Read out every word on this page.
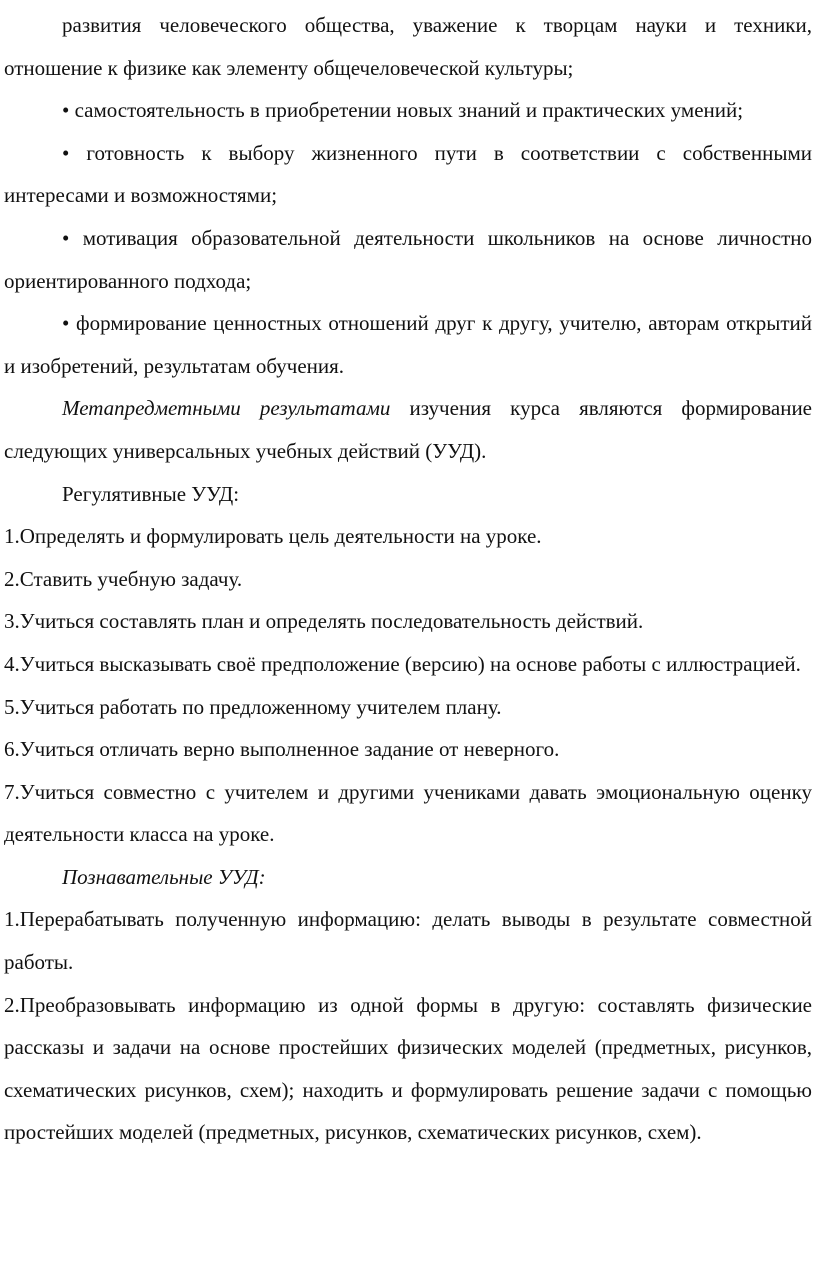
развития человеческого общества, уважение к творцам науки и техники, отношение к физике как элементу общечеловеческой культуры;

• самостоятельность в приобретении новых знаний и практических умений;

• готовность к выбору жизненного пути в соответствии с собственными интересами и возможностями;

• мотивация образовательной деятельности школьников на основе личностно ориентированного подхода;

• формирование ценностных отношений друг к другу, учителю, авторам открытий и изобретений, результатам обучения.

Метапредметными результатами изучения курса являются формирование следующих универсальных учебных действий (УУД).

Регулятивные УУД:

1.Определять и формулировать цель деятельности на уроке.

2.Ставить учебную задачу.

3.Учиться составлять план и определять последовательность действий.

4.Учиться высказывать своё предположение (версию) на основе работы с иллюстрацией.

5.Учиться работать по предложенному учителем плану.

6.Учиться отличать верно выполненное задание от неверного.

7.Учиться совместно с учителем и другими учениками давать эмоциональную оценку деятельности класса на уроке.

Познавательные УУД:

1.Перерабатывать полученную информацию: делать выводы в результате совместной работы.

2.Преобразовывать информацию из одной формы в другую: составлять физические рассказы и задачи на основе простейших физических моделей (предметных, рисунков, схематических рисунков, схем); находить и формулировать решение задачи с помощью простейших моделей (предметных, рисунков, схематических рисунков, схем).
